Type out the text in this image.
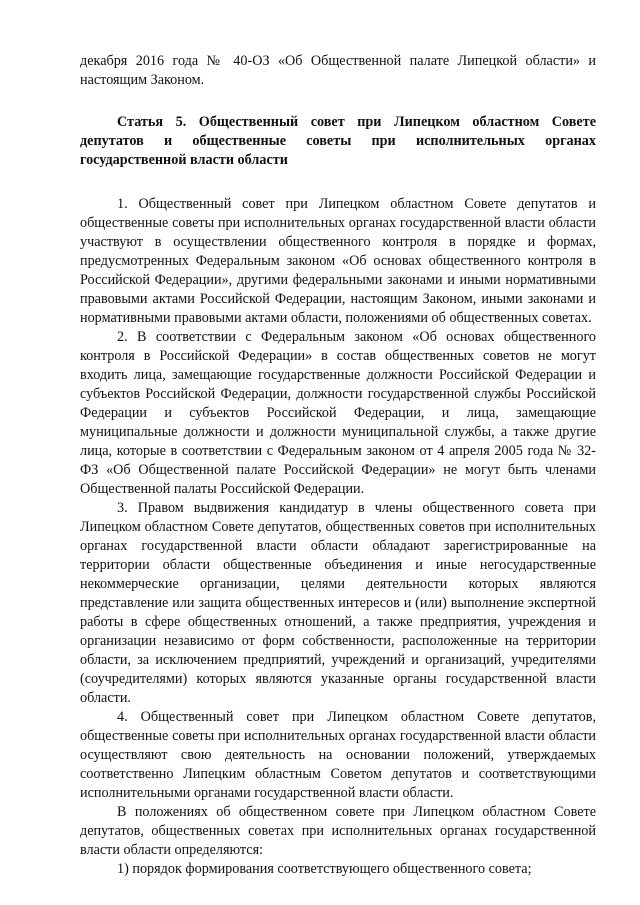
декабря 2016 года № 40-ОЗ «Об Общественной палате Липецкой области» и настоящим Законом.

Статья 5. Общественный совет при Липецком областном Совете депутатов и общественные советы при исполнительных органах государственной власти области

1. Общественный совет при Липецком областном Совете депутатов и общественные советы при исполнительных органах государственной власти области участвуют в осуществлении общественного контроля в порядке и формах, предусмотренных Федеральным законом «Об основах общественного контроля в Российской Федерации», другими федеральными законами и иными нормативными правовыми актами Российской Федерации, настоящим Законом, иными законами и нормативными правовыми актами области, положениями об общественных советах.

2. В соответствии с Федеральным законом «Об основах общественного контроля в Российской Федерации» в состав общественных советов не могут входить лица, замещающие государственные должности Российской Федерации и субъектов Российской Федерации, должности государственной службы Российской Федерации и субъектов Российской Федерации, и лица, замещающие муниципальные должности и должности муниципальной службы, а также другие лица, которые в соответствии с Федеральным законом от 4 апреля 2005 года № 32-ФЗ «Об Общественной палате Российской Федерации» не могут быть членами Общественной палаты Российской Федерации.

3. Правом выдвижения кандидатур в члены общественного совета при Липецком областном Совете депутатов, общественных советов при исполнительных органах государственной власти области обладают зарегистрированные на территории области общественные объединения и иные негосударственные некоммерческие организации, целями деятельности которых являются представление или защита общественных интересов и (или) выполнение экспертной работы в сфере общественных отношений, а также предприятия, учреждения и организации независимо от форм собственности, расположенные на территории области, за исключением предприятий, учреждений и организаций, учредителями (соучредителями) которых являются указанные органы государственной власти области.

4. Общественный совет при Липецком областном Совете депутатов, общественные советы при исполнительных органах государственной власти области осуществляют свою деятельность на основании положений, утверждаемых соответственно Липецким областным Советом депутатов и соответствующими исполнительными органами государственной власти области.

В положениях об общественном совете при Липецком областном Совете депутатов, общественных советах при исполнительных органах государственной власти области определяются:

1) порядок формирования соответствующего общественного совета;
